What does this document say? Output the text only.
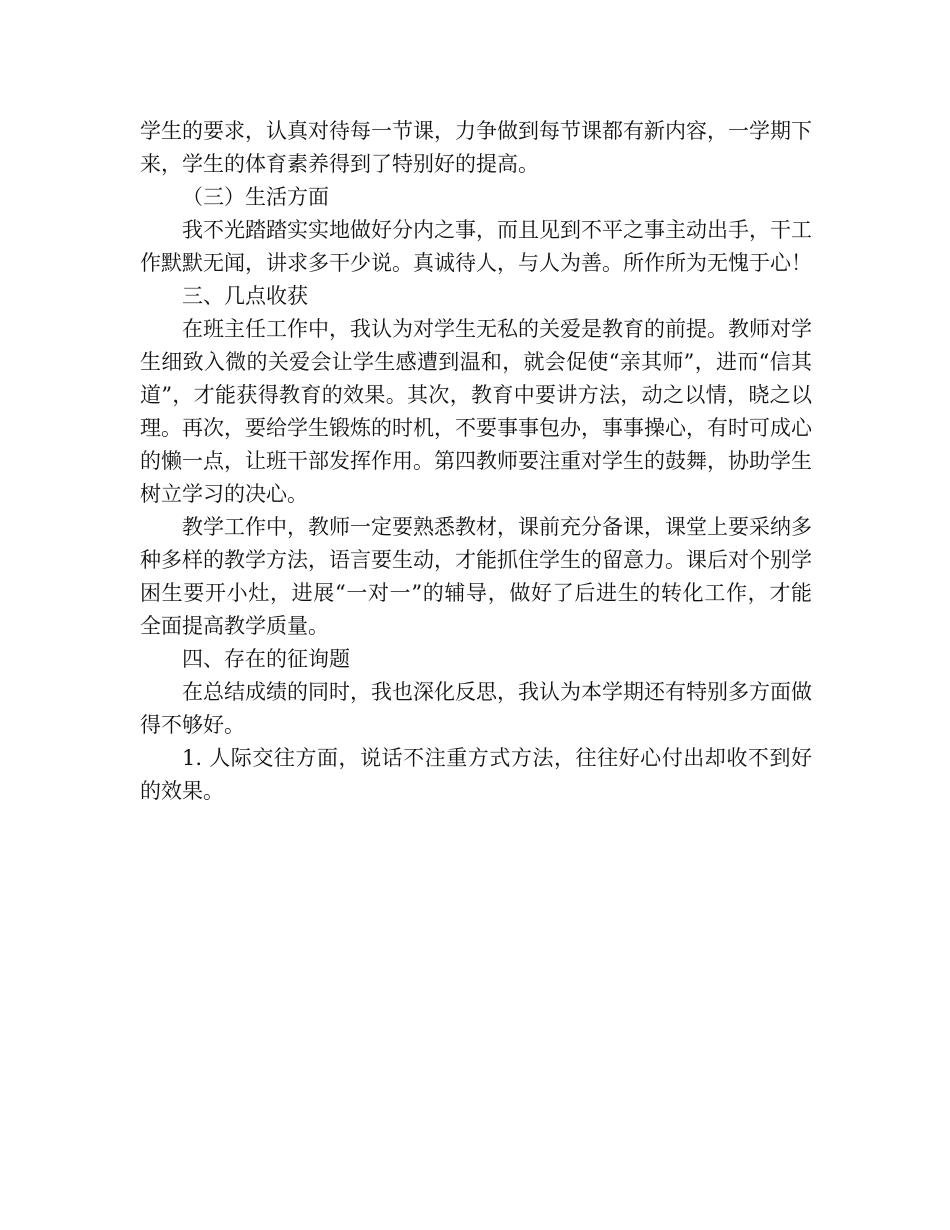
学生的要求，认真对待每一节课，力争做到每节课都有新内容，一学期下来，学生的体育素养得到了特别好的提高。

（三）生活方面

我不光踏踏实实地做好分内之事，而且见到不平之事主动出手，干工作默默无闻，讲求多干少说。真诚待人，与人为善。所作所为无愧于心！

三、几点收获

在班主任工作中，我认为对学生无私的关爱是教育的前提。教师对学生细致入微的关爱会让学生感遭到温和，就会促使“亲其师”，进而“信其道”，才能获得教育的效果。其次，教育中要讲方法，动之以情，晓之以理。再次，要给学生锻炼的时机，不要事事包办，事事操心，有时可成心的懒一点，让班干部发挥作用。第四教师要注重对学生的鼓舞，协助学生树立学习的决心。

教学工作中，教师一定要熟悉教材，课前充分备课，课堂上要采纳多种多样的教学方法，语言要生动，才能抓住学生的留意力。课后对个别学困生要开小灶，进展“一对一”的辅导，做好了后进生的转化工作，才能全面提高教学质量。

四、存在的征询题

在总结成绩的同时，我也深化反思，我认为本学期还有特别多方面做得不够好。

1. 人际交往方面，说话不注重方式方法，往往好心付出却收不到好的效果。
